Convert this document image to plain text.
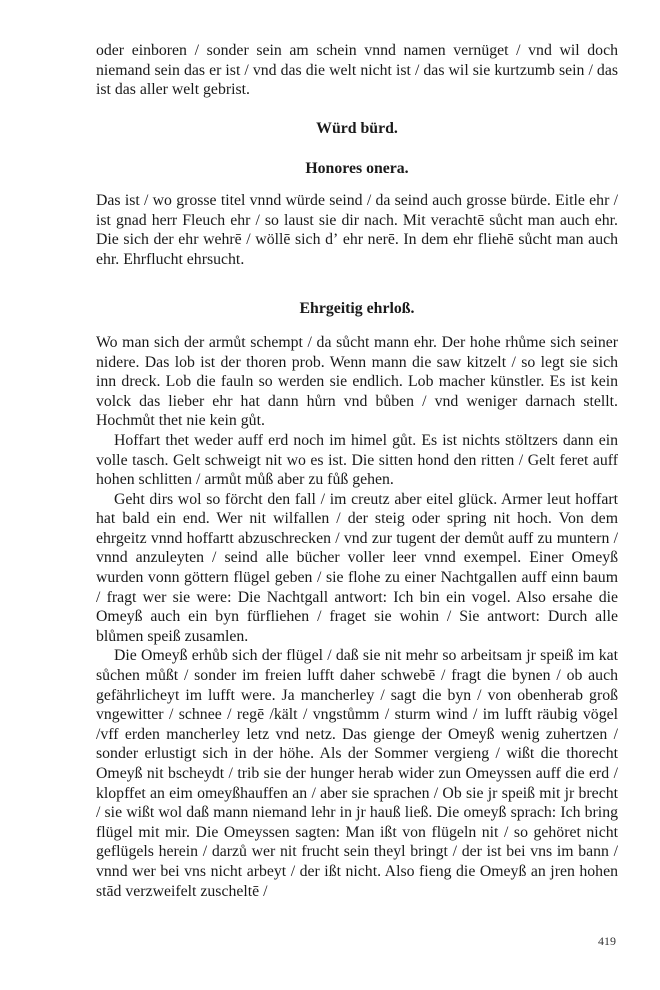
oder einboren / sonder sein am schein vnnd namen vernüget / vnd wil doch niemand sein das er ist / vnd das die welt nicht ist / das wil sie kurtzumb sein / das ist das aller welt gebrist.

Würd bürd.

Honores onera.

Das ist / wo grosse titel vnnd würde seind / da seind auch grosse bürde. Eitle ehr / ist gnad herr Fleuch ehr / so laust sie dir nach. Mit verachtē sůcht man auch ehr. Die sich der ehr wehrē / wöllē sich dʼ ehr nerē. In dem ehr fliehē sůcht man auch ehr. Ehrflucht ehrsucht.

Ehrgeitig ehrloß.

Wo man sich der armůt schempt / da sůcht mann ehr. Der hohe rhůme sich seiner nidere. Das lob ist der thoren prob. Wenn mann die saw kitzelt / so legt sie sich inn dreck. Lob die fauln so werden sie endlich. Lob macher künstler. Es ist kein volck das lieber ehr hat dann hůrn vnd bůben / vnd weniger darnach stellt. Hochmůt thet nie kein gůt.

Hoffart thet weder auff erd noch im himel gůt. Es ist nichts stöltzers dann ein volle tasch. Gelt schweigt nit wo es ist. Die sitten hond den ritten / Gelt feret auff hohen schlitten / armůt můß aber zu fůß gehen.

Geht dirs wol so förcht den fall / im creutz aber eitel glück. Armer leut hoffart hat bald ein end. Wer nit wilfallen / der steig oder spring nit hoch. Von dem ehrgeitz vnnd hoffartt abzuschrecken / vnd zur tugent der demůt auff zu muntern / vnnd anzuleyten / seind alle bücher voller leer vnnd exempel. Einer Omeyß wurden vonn göttern flügel geben / sie flohe zu einer Nachtgallen auff einn baum / fragt wer sie were: Die Nachtgall antwort: Ich bin ein vogel. Also ersahe die Omeyß auch ein byn fürfliehen / fraget sie wohin / Sie antwort: Durch alle blůmen speiß zusamlen.

Die Omeyß erhůb sich der flügel / daß sie nit mehr so arbeitsam jr speiß im kat sůchen můßt / sonder im freien lufft daher schwebē / fragt die bynen / ob auch gefährlicheyt im lufft were. Ja mancherley / sagt die byn / von obenherab groß vngewitter / schnee / regē /kält / vngstůmm / sturm wind / im lufft räubig vögel /vff erden mancherley letz vnd netz. Das gienge der Omeyß wenig zuhertzen / sonder erlustigt sich in der höhe. Als der Sommer vergieng / wißt die thorecht Omeyß nit bscheydt / trib sie der hunger herab wider zun Omeyssen auff die erd / klopffet an eim omeyßhauffen an / aber sie sprachen / Ob sie jr speiß mit jr brecht / sie wißt wol daß mann niemand lehr in jr hauß ließ. Die omeyß sprach: Ich bring flügel mit mir. Die Omeyssen sagten: Man ißt von flügeln nit / so gehöret nicht geflügels herein / darzů wer nit frucht sein theyl bringt / der ist bei vns im bann / vnnd wer bei vns nicht arbeyt / der ißt nicht. Also fieng die Omeyß an jren hohen stād verzweifelt zuscheltē /

419
